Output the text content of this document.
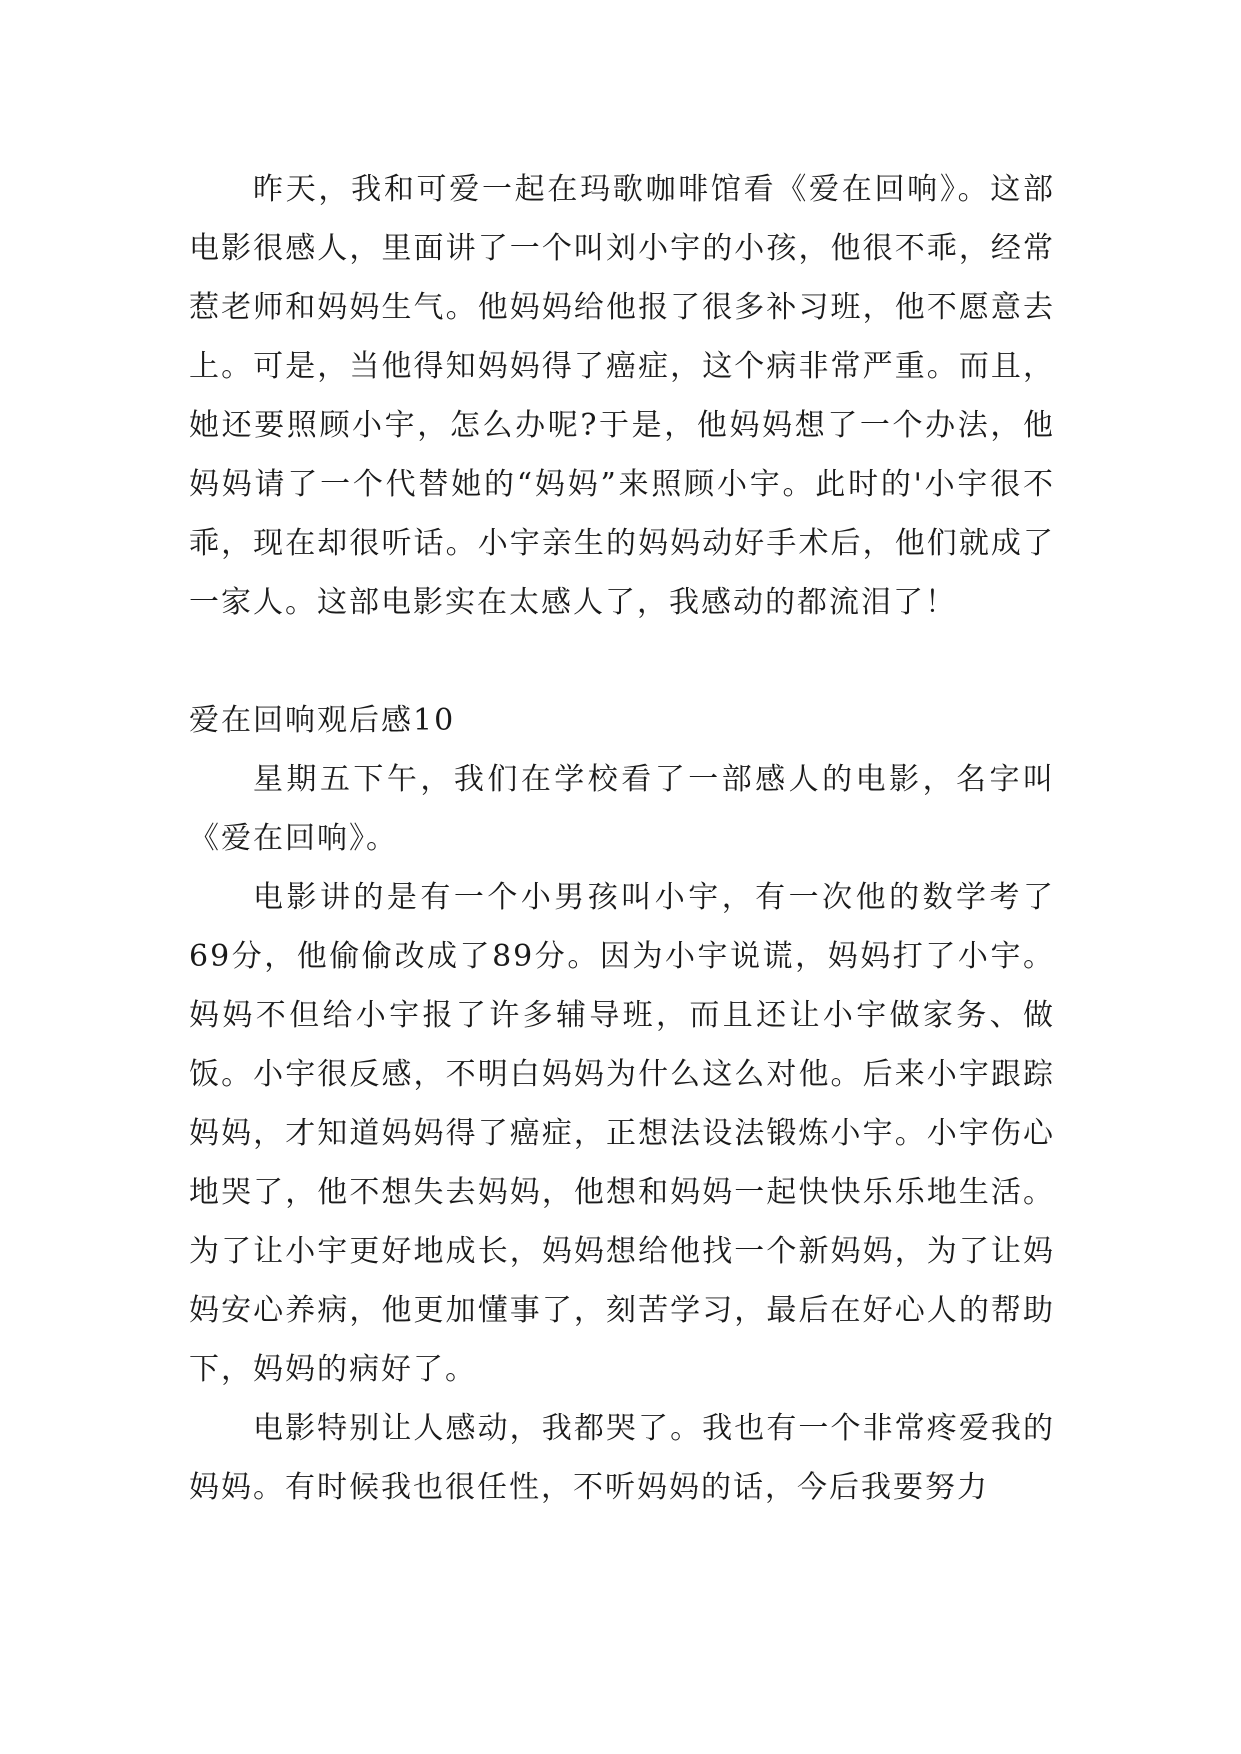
昨天，我和可爱一起在玛歌咖啡馆看《爱在回响》。这部电影很感人，里面讲了一个叫刘小宇的小孩，他很不乖，经常惹老师和妈妈生气。他妈妈给他报了很多补习班，他不愿意去上。可是，当他得知妈妈得了癌症，这个病非常严重。而且，她还要照顾小宇，怎么办呢?于是，他妈妈想了一个办法，他妈妈请了一个代替她的“妈妈”来照顾小宇。此时的'小宇很不乖，现在却很听话。小宇亲生的妈妈动好手术后，他们就成了一家人。这部电影实在太感人了，我感动的都流泪了！

爱在回响观后感10

星期五下午，我们在学校看了一部感人的电影，名字叫《爱在回响》。

电影讲的是有一个小男孩叫小宇，有一次他的数学考了69分，他偷偷改成了89分。因为小宇说谎，妈妈打了小宇。妈妈不但给小宇报了许多辅导班，而且还让小宇做家务、做饭。小宇很反感，不明白妈妈为什么这么对他。后来小宇跟踪妈妈，才知道妈妈得了癌症，正想法设法锻炼小宇。小宇伤心地哭了，他不想失去妈妈，他想和妈妈一起快快乐乐地生活。为了让小宇更好地成长，妈妈想给他找一个新妈妈，为了让妈妈安心养病，他更加懂事了，刻苦学习，最后在好心人的帮助下，妈妈的病好了。

电影特别让人感动，我都哭了。我也有一个非常疼爱我的妈妈。有时候我也很任性，不听妈妈的话，今后我要努力
